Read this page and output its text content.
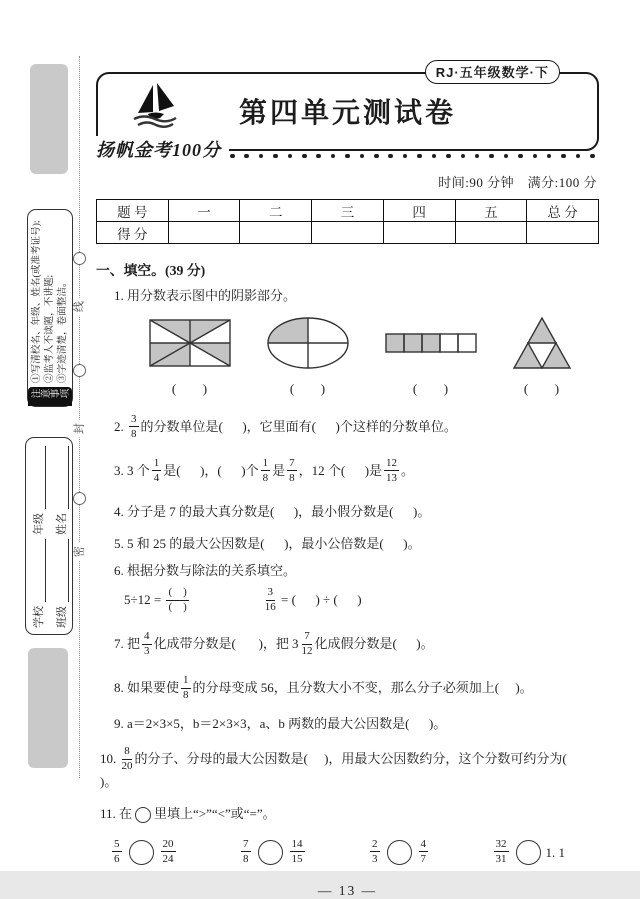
注意事项
①写清校名、年级、姓名(或准考证号); ②监考人不读题，不讲题; ③字迹清楚，卷面整洁。
学校
年级
班级
姓名
线
封
密
RJ·五年级数学·下
第四单元测试卷
扬帆金考100分
时间:90 分钟　满分:100 分
题 号	一	二	三	四	五	总 分
得 分						
一、填空。(39 分)
1. 用分数表示图中的阴影部分。
(      )	(      )	(      )	(      )
2. $\frac{3}{8}$ 的分数单位是(      )，它里面有(      )个这样的分数单位。
3. 3 个 $\frac{1}{4}$ 是(      )，(      )个 $\frac{1}{8}$ 是 $\frac{7}{8}$ ，12 个(      )是 $\frac{12}{13}$ 。
4. 分子是 7 的最大真分数是(      )，最小假分数是(      )。
5. 5 和 25 的最大公因数是(      )，最小公倍数是(      )。
6. 根据分数与除法的关系填空。
$5\div 12 = \frac{( )}{( )}$	$\frac{3}{16}$ = (      ) ÷ (      )
7. 把 $\frac{4}{3}$ 化成带分数是(       )，把 $3 \frac{7}{12}$ 化成假分数是(      )。
8. 如果要使 $\frac{1}{8}$ 的分母变成 56，且分数大小不变，那么分子必须加上(     )。
9. a＝2×3×5，b＝2×3×3，a、b 两数的最大公因数是(      )。
10. $\frac{8}{20}$ 的分子、分母的最大公因数是(     )，用最大公因数约分，这个分数可约分为(     )。
11. 在 里填上“>”“<”或“=”。
$\frac{5}{6}$	$\frac{20}{24}$	$\frac{7}{8}$	$\frac{14}{15}$	$\frac{2}{3}$	$\frac{4}{7}$	$\frac{32}{31}$	1. 1
— 13 —
